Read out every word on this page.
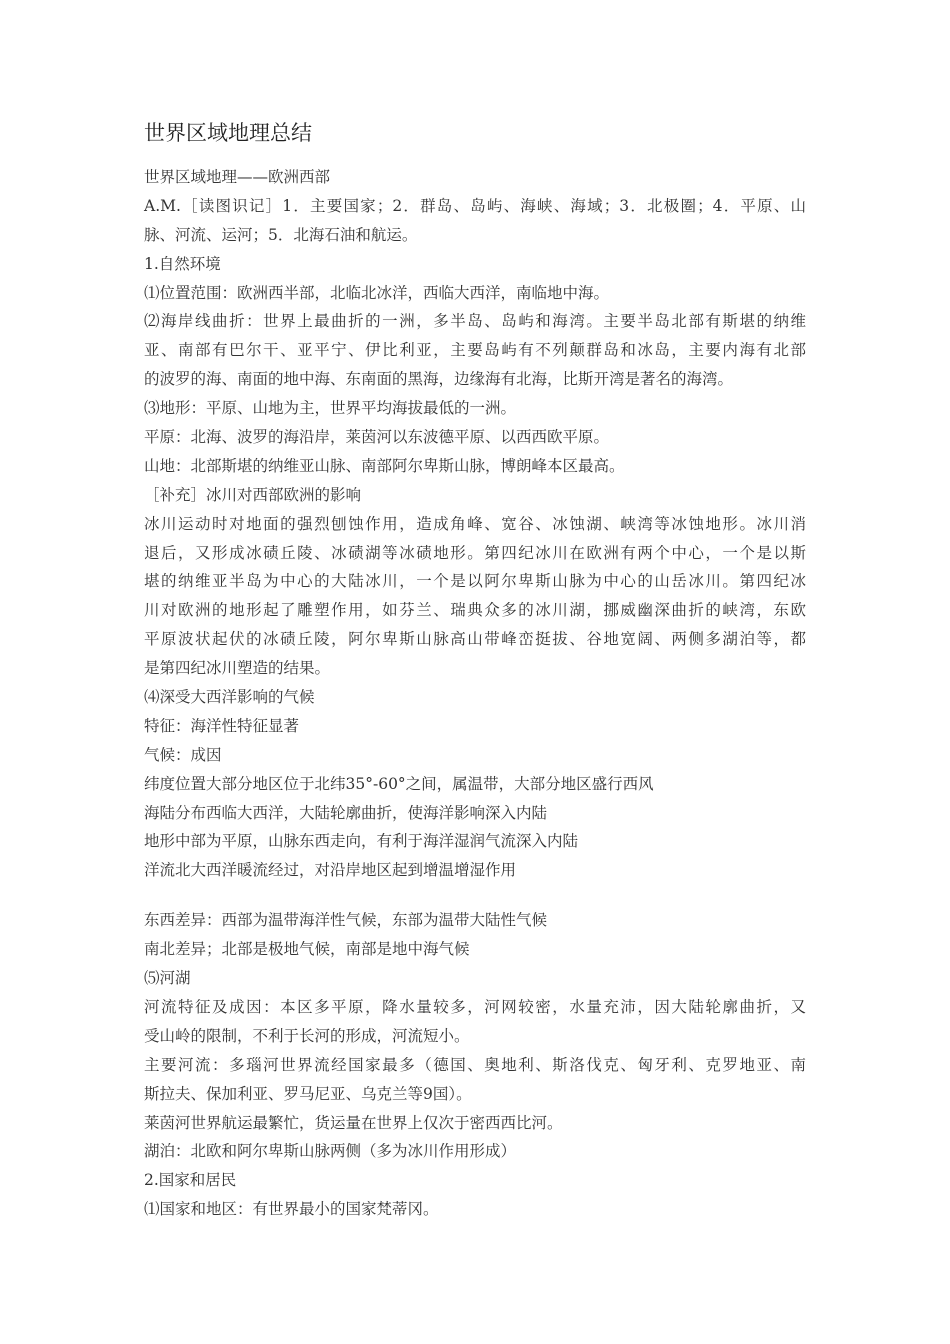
世界区域地理总结
世界区域地理——欧洲西部
A.M.［读图识记］1．主要国家；2．群岛、岛屿、海峡、海域；3．北极圈；4．平原、山
脉、河流、运河；5．北海石油和航运。
1.自然环境
⑴位置范围：欧洲西半部，北临北冰洋，西临大西洋，南临地中海。
⑵海岸线曲折：世界上最曲折的一洲，多半岛、岛屿和海湾。主要半岛北部有斯堪的纳维
亚、南部有巴尔干、亚平宁、伊比利亚，主要岛屿有不列颠群岛和冰岛，主要内海有北部
的波罗的海、南面的地中海、东南面的黑海，边缘海有北海，比斯开湾是著名的海湾。
⑶地形：平原、山地为主，世界平均海拔最低的一洲。
平原：北海、波罗的海沿岸，莱茵河以东波德平原、以西西欧平原。
山地：北部斯堪的纳维亚山脉、南部阿尔卑斯山脉，博朗峰本区最高。
［补充］冰川对西部欧洲的影响
冰川运动时对地面的强烈刨蚀作用，造成角峰、宽谷、冰蚀湖、峡湾等冰蚀地形。冰川消
退后，又形成冰碛丘陵、冰碛湖等冰碛地形。第四纪冰川在欧洲有两个中心，一个是以斯
堪的纳维亚半岛为中心的大陆冰川，一个是以阿尔卑斯山脉为中心的山岳冰川。第四纪冰
川对欧洲的地形起了雕塑作用，如芬兰、瑞典众多的冰川湖，挪威幽深曲折的峡湾，东欧
平原波状起伏的冰碛丘陵，阿尔卑斯山脉高山带峰峦挺拔、谷地宽阔、两侧多湖泊等，都
是第四纪冰川塑造的结果。
⑷深受大西洋影响的气候
特征：海洋性特征显著
气候：成因
纬度位置大部分地区位于北纬35°-60°之间，属温带，大部分地区盛行西风
海陆分布西临大西洋，大陆轮廓曲折，使海洋影响深入内陆
地形中部为平原，山脉东西走向，有利于海洋湿润气流深入内陆
洋流北大西洋暖流经过，对沿岸地区起到增温增湿作用
东西差异：西部为温带海洋性气候，东部为温带大陆性气候
南北差异；北部是极地气候，南部是地中海气候
⑸河湖
河流特征及成因：本区多平原，降水量较多，河网较密，水量充沛，因大陆轮廓曲折，又
受山岭的限制，不利于长河的形成，河流短小。
主要河流：多瑙河世界流经国家最多（德国、奥地利、斯洛伐克、匈牙利、克罗地亚、南
斯拉夫、保加利亚、罗马尼亚、乌克兰等9国）。
莱茵河世界航运最繁忙，货运量在世界上仅次于密西西比河。
湖泊：北欧和阿尔卑斯山脉两侧（多为冰川作用形成）
2.国家和居民
⑴国家和地区：有世界最小的国家梵蒂冈。
